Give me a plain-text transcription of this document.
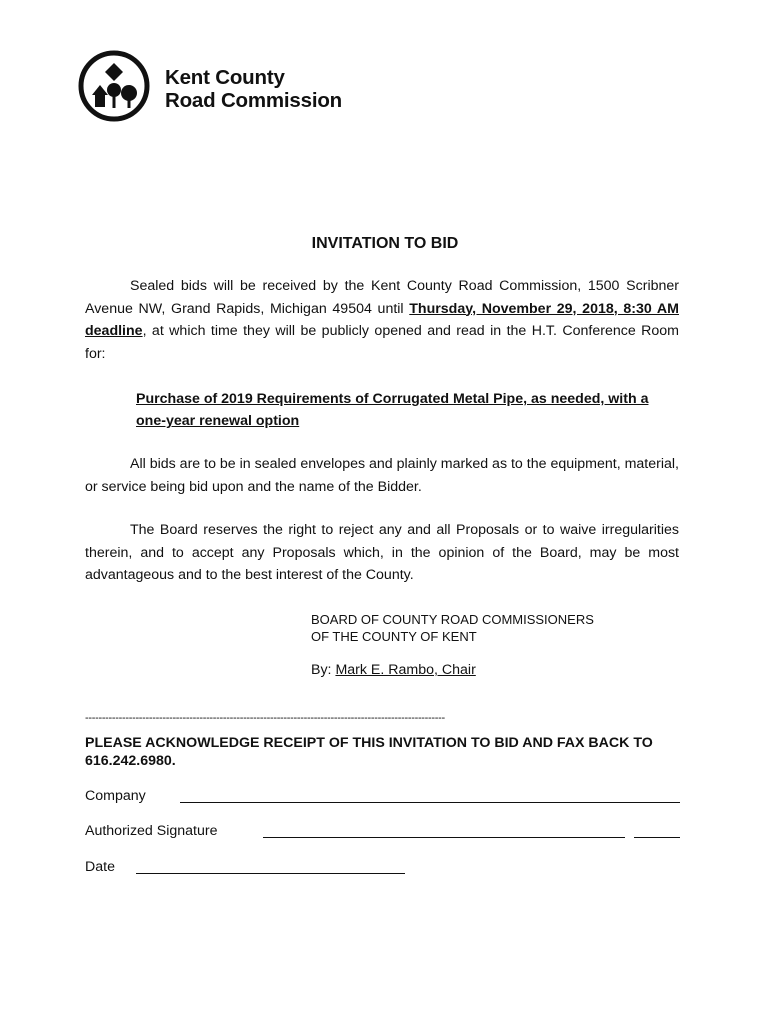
Kent County
Road Commission
INVITATION TO BID

Sealed bids will be received by the Kent County Road Commission, 1500 Scribner Avenue NW, Grand Rapids, Michigan 49504 until Thursday, November 29, 2018, 8:30 AM deadline, at which time they will be publicly opened and read in the H.T. Conference Room for:

Purchase of 2019 Requirements of Corrugated Metal Pipe, as needed, with a one-year renewal option

All bids are to be in sealed envelopes and plainly marked as to the equipment, material, or service being bid upon and the name of the Bidder.

The Board reserves the right to reject any and all Proposals or to waive irregularities therein, and to accept any Proposals which, in the opinion of the Board, may be most advantageous and to the best interest of the County.

BOARD OF COUNTY ROAD COMMISSIONERS
OF THE COUNTY OF KENT
By: Mark E. Rambo, Chair
-----------------------------------------------------------------------------------------------------------

PLEASE ACKNOWLEDGE RECEIPT OF THIS INVITATION TO BID AND FAX BACK TO 616.242.6980.

Company
Authorized Signature
Date
